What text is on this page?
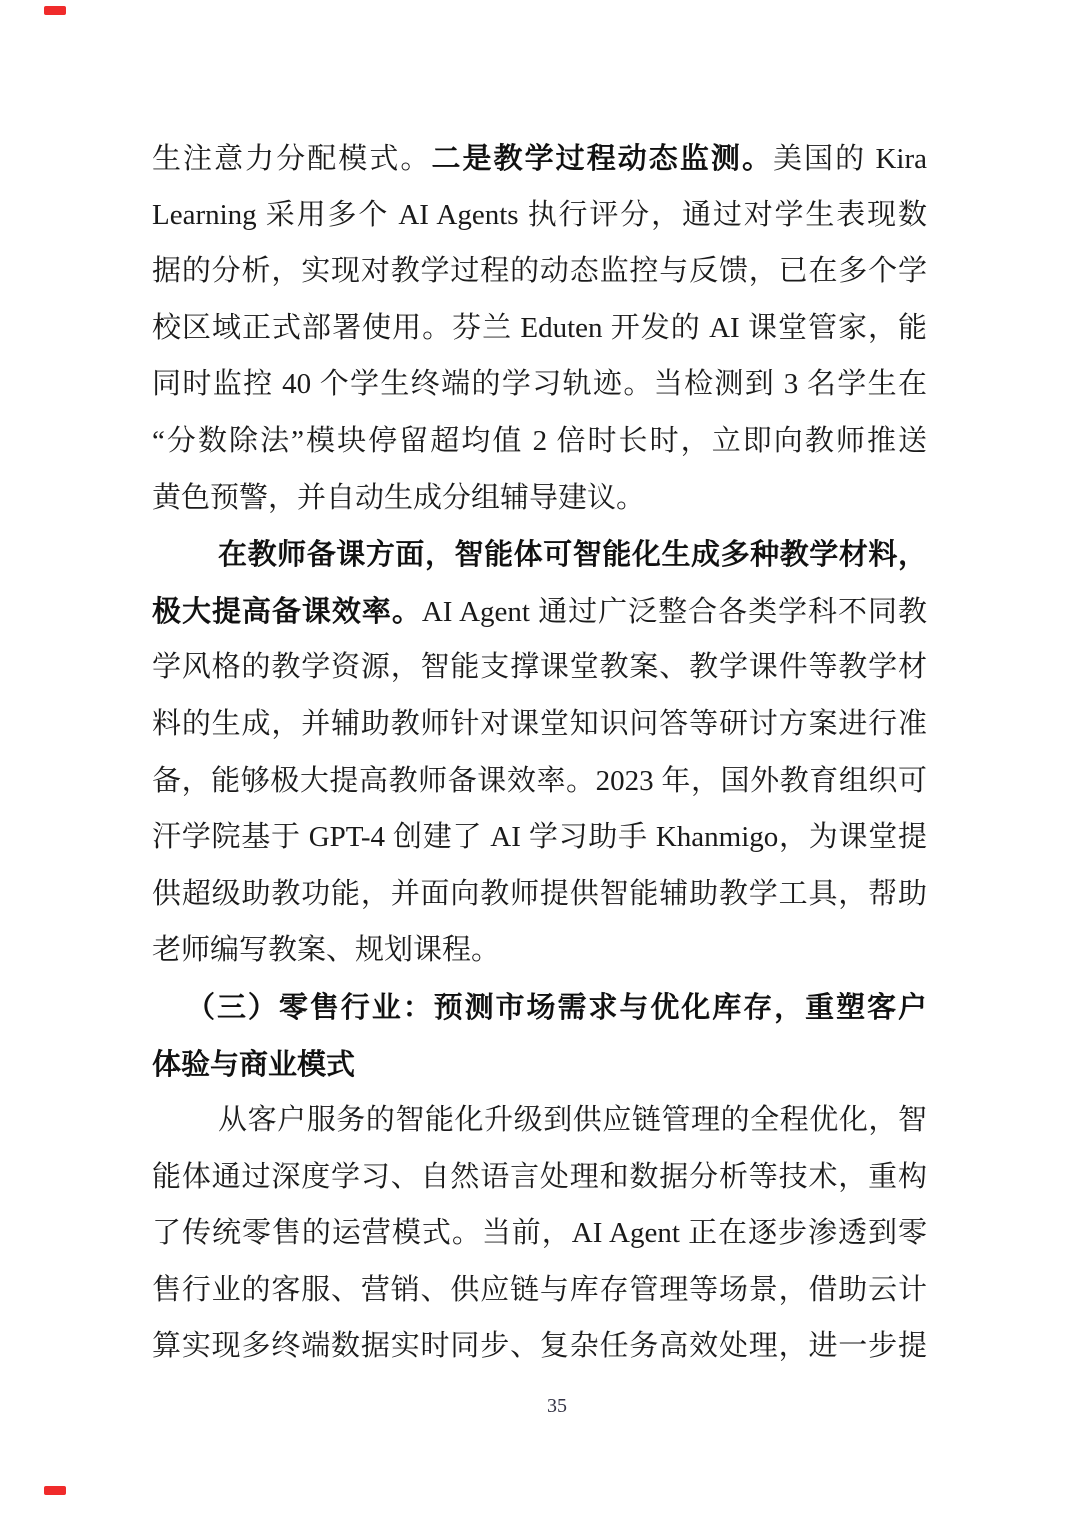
生注意力分配模式。二是教学过程动态监测。美国的 Kira
Learning 采用多个 AI Agents 执行评分，通过对学生表现数
据的分析，实现对教学过程的动态监控与反馈，已在多个学
校区域正式部署使用。芬兰 Eduten 开发的 AI 课堂管家，能
同时监控 40 个学生终端的学习轨迹。当检测到 3 名学生在
“分数除法”模块停留超均值 2 倍时长时，立即向教师推送
黄色预警，并自动生成分组辅导建议。
在教师备课方面，智能体可智能化生成多种教学材料，
极大提高备课效率。AI Agent 通过广泛整合各类学科不同教
学风格的教学资源，智能支撑课堂教案、教学课件等教学材
料的生成，并辅助教师针对课堂知识问答等研讨方案进行准
备，能够极大提高教师备课效率。2023 年，国外教育组织可
汗学院基于 GPT-4 创建了 AI 学习助手 Khanmigo，为课堂提
供超级助教功能，并面向教师提供智能辅助教学工具，帮助
老师编写教案、规划课程。
（三）零售行业：预测市场需求与优化库存，重塑客户
体验与商业模式
从客户服务的智能化升级到供应链管理的全程优化，智
能体通过深度学习、自然语言处理和数据分析等技术，重构
了传统零售的运营模式。当前，AI Agent 正在逐步渗透到零
售行业的客服、营销、供应链与库存管理等场景，借助云计
算实现多终端数据实时同步、复杂任务高效处理，进一步提
35
